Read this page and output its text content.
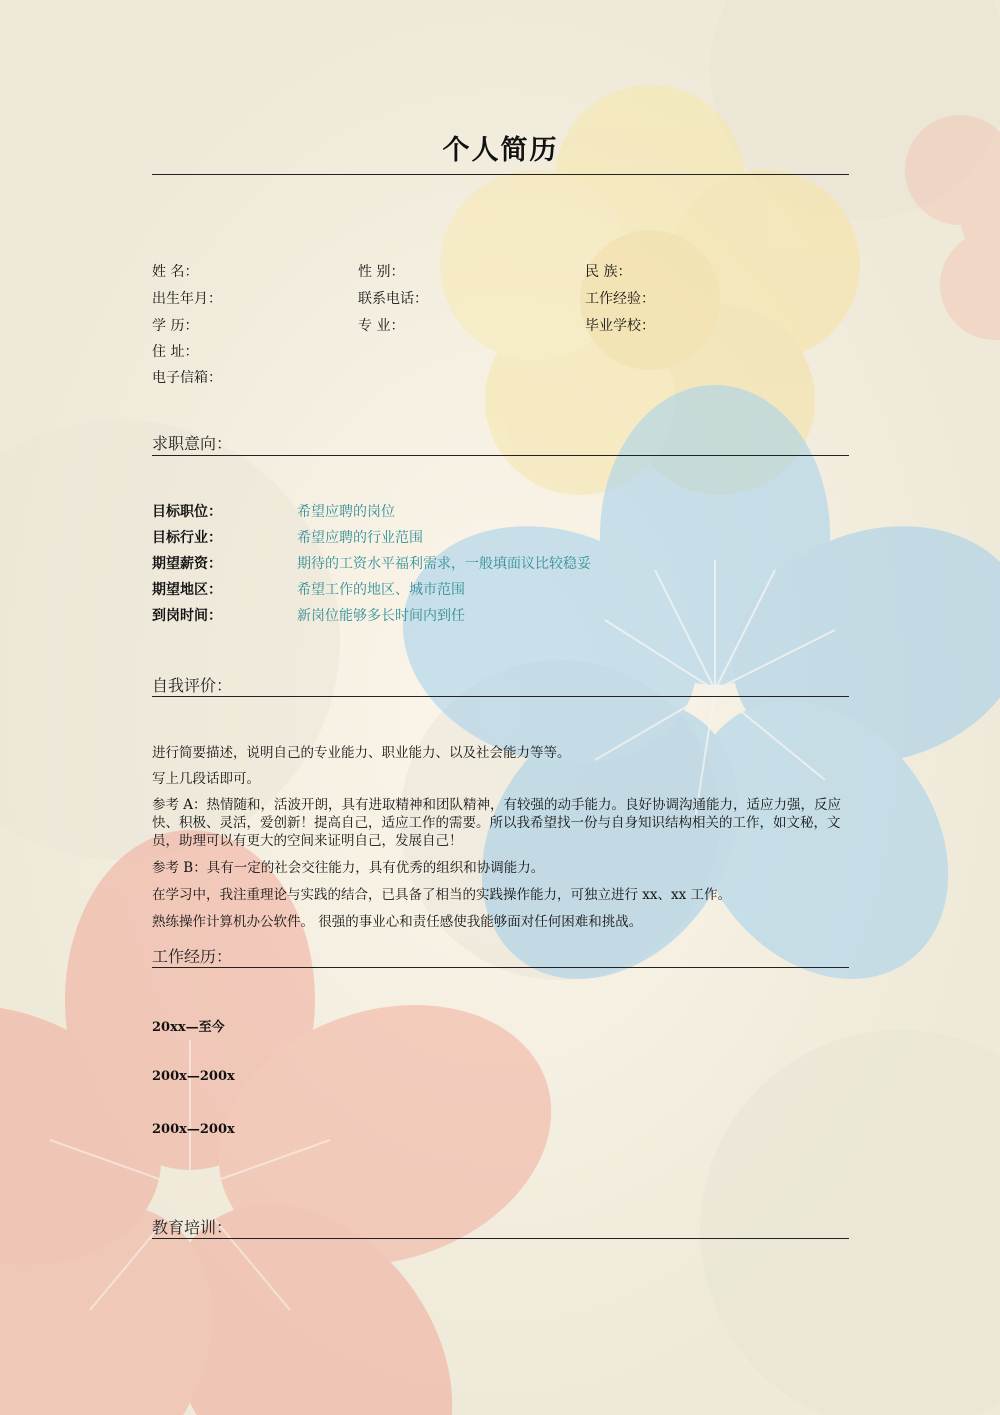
个人简历
姓 名：	性 别：	民 族：
出生年月：	联系电话：	工作经验：
学 历：	专 业：	毕业学校：
住 址：
电子信箱：
求职意向：
目标职位：	希望应聘的岗位
目标行业：	希望应聘的行业范围
期望薪资：	期待的工资水平福利需求，一般填面议比较稳妥
期望地区：	希望工作的地区、城市范围
到岗时间：	新岗位能够多长时间内到任
自我评价：
进行简要描述，说明自己的专业能力、职业能力、以及社会能力等等。
写上几段话即可。
参考 A：热情随和，活波开朗，具有进取精神和团队精神，有较强的动手能力。良好协调沟通能力，适应力强，反应快、积极、灵活，爱创新！提高自己，适应工作的需要。所以我希望找一份与自身知识结构相关的工作，如文秘，文员，助理可以有更大的空间来证明自己，发展自己！
参考 B：具有一定的社会交往能力，具有优秀的组织和协调能力。
在学习中，我注重理论与实践的结合，已具备了相当的实践操作能力，可独立进行 xx、xx 工作。
熟练操作计算机办公软件。 很强的事业心和责任感使我能够面对任何困难和挑战。
工作经历：
20xx—至今
200x—200x
200x—200x
教育培训：
